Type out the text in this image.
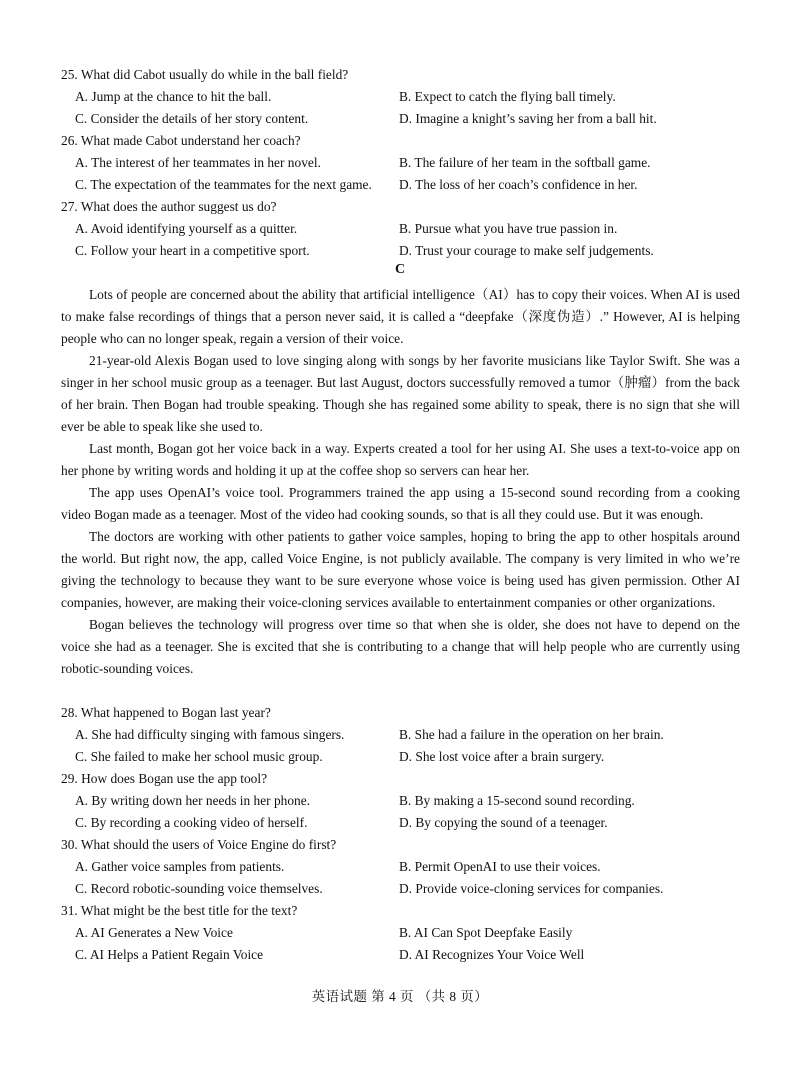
25. What did Cabot usually do while in the ball field?
A. Jump at the chance to hit the ball.	B. Expect to catch the flying ball timely.
C. Consider the details of her story content.	D. Imagine a knight’s saving her from a ball hit.
26. What made Cabot understand her coach?
A. The interest of her teammates in her novel.	B. The failure of her team in the softball game.
C. The expectation of the teammates for the next game. D. The loss of her coach’s confidence in her.
27. What does the author suggest us do?
A. Avoid identifying yourself as a quitter.	B. Pursue what you have true passion in.
C. Follow your heart in a competitive sport.	D. Trust your courage to make self judgements.
C

Lots of people are concerned about the ability that artificial intelligence（AI）has to copy their voices. When AI is used to make false recordings of things that a person never said, it is called a “deepfake（深度伪造）.” However, AI is helping people who can no longer speak, regain a version of their voice.

21-year-old Alexis Bogan used to love singing along with songs by her favorite musicians like Taylor Swift. She was a singer in her school music group as a teenager. But last August, doctors successfully removed a tumor（肿瘤）from the back of her brain. Then Bogan had trouble speaking. Though she has regained some ability to speak, there is no sign that she will ever be able to speak like she used to.

Last month, Bogan got her voice back in a way. Experts created a tool for her using AI. She uses a text-to-voice app on her phone by writing words and holding it up at the coffee shop so servers can hear her.

The app uses OpenAI’s voice tool. Programmers trained the app using a 15-second sound recording from a cooking video Bogan made as a teenager. Most of the video had cooking sounds, so that is all they could use. But it was enough.

The doctors are working with other patients to gather voice samples, hoping to bring the app to other hospitals around the world. But right now, the app, called Voice Engine, is not publicly available. The company is very limited in who we’re giving the technology to because they want to be sure everyone whose voice is being used has given permission. Other AI companies, however, are making their voice-cloning services available to entertainment companies or other organizations.

Bogan believes the technology will progress over time so that when she is older, she does not have to depend on the voice she had as a teenager. She is excited that she is contributing to a change that will help people who are currently using robotic-sounding voices.

28. What happened to Bogan last year?
A. She had difficulty singing with famous singers.	B. She had a failure in the operation on her brain.
C. She failed to make her school music group.	D. She lost voice after a brain surgery.
29. How does Bogan use the app tool?
A. By writing down her needs in her phone.	B. By making a 15-second sound recording.
C. By recording a cooking video of herself.	D. By copying the sound of a teenager.
30. What should the users of Voice Engine do first?
A. Gather voice samples from patients.	B. Permit OpenAI to use their voices.
C. Record robotic-sounding voice themselves.	D. Provide voice-cloning services for companies.
31. What might be the best title for the text?
A. AI Generates a New Voice	B. AI Can Spot Deepfake Easily
C. AI Helps a Patient Regain Voice	D. AI Recognizes Your Voice Well
英语试题 第 4 页 （共 8 页）
